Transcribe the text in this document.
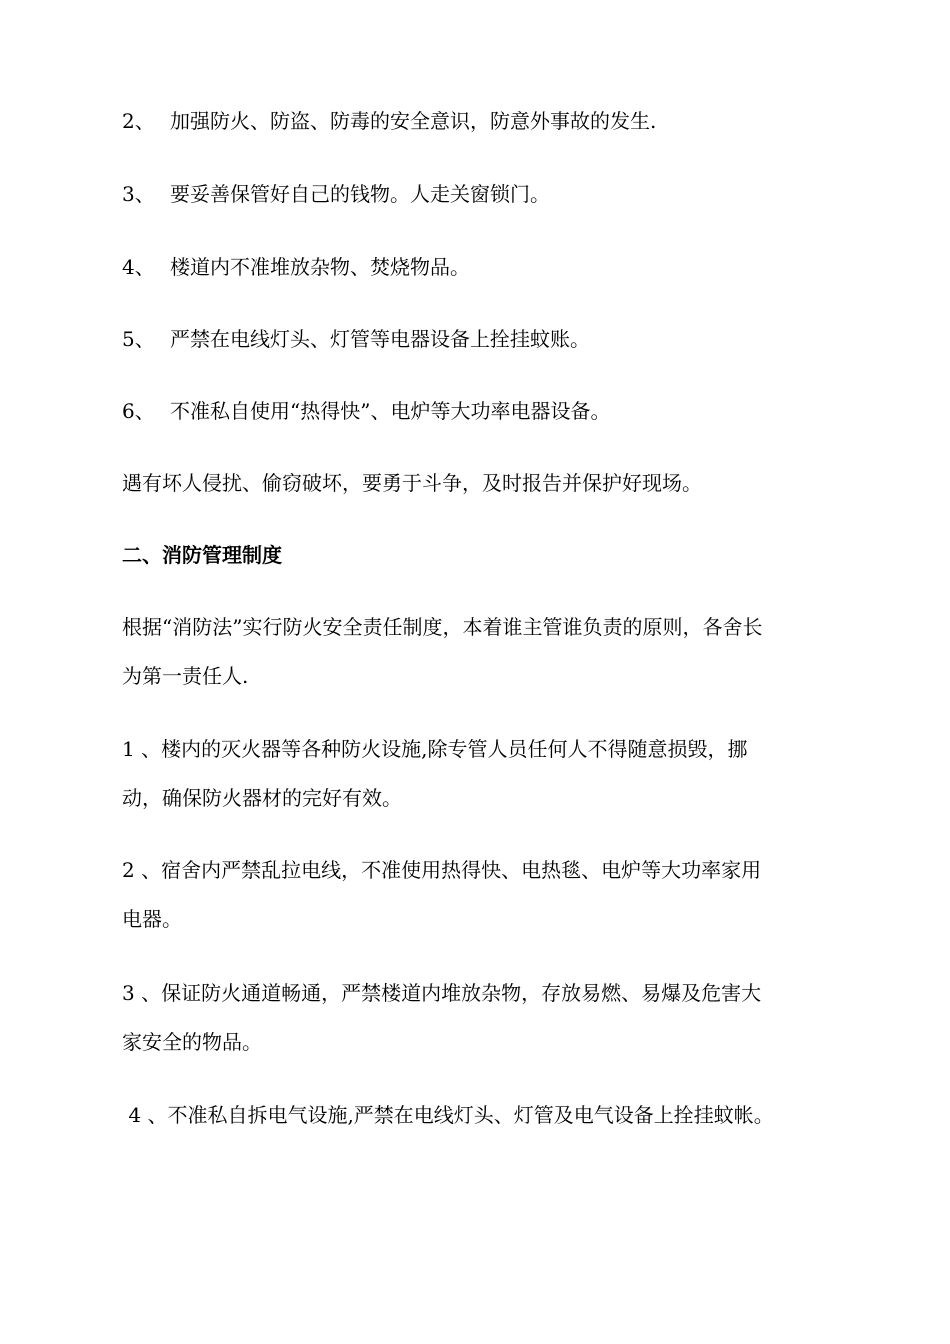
2、 加强防火、防盗、防毒的安全意识，防意外事故的发生.
3、 要妥善保管好自己的钱物。人走关窗锁门。
4、 楼道内不准堆放杂物、焚烧物品。
5、 严禁在电线灯头、灯管等电器设备上拴挂蚊账。
6、 不准私自使用“热得快”、电炉等大功率电器设备。
遇有坏人侵扰、偷窃破坏，要勇于斗争，及时报告并保护好现场。
二、消防管理制度
根据“消防法”实行防火安全责任制度，本着谁主管谁负责的原则，各舍长
为第一责任人.
1 、楼内的灭火器等各种防火设施,除专管人员任何人不得随意损毁，挪
动，确保防火器材的完好有效。
2 、宿舍内严禁乱拉电线，不准使用热得快、电热毯、电炉等大功率家用
电器。
3 、保证防火通道畅通，严禁楼道内堆放杂物，存放易燃、易爆及危害大
家安全的物品。
4 、不准私自拆电气设施,严禁在电线灯头、灯管及电气设备上拴挂蚊帐。
